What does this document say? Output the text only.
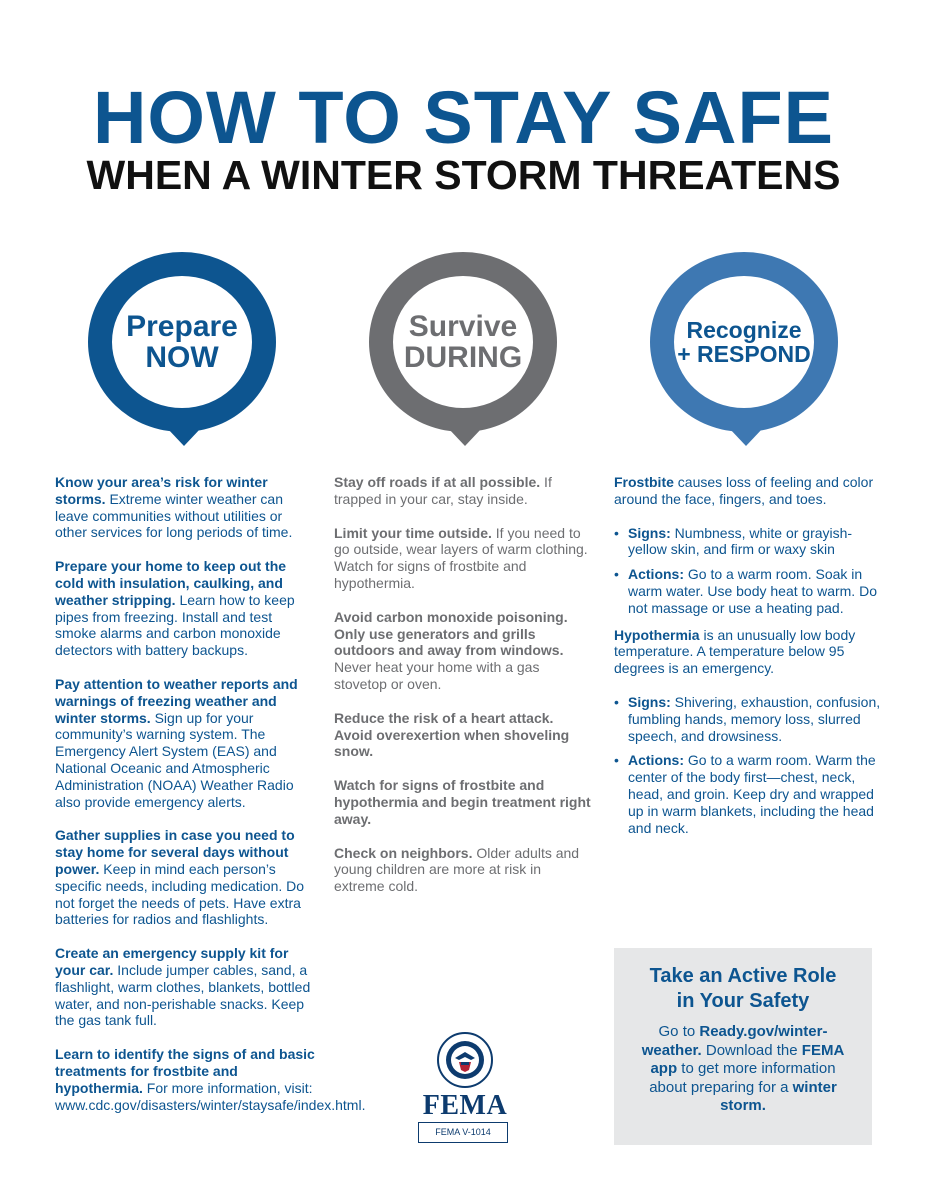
HOW TO STAY SAFE
WHEN A WINTER STORM THREATENS
Prepare
NOW
Survive
DURING
Recognize
+ RESPOND

Know your area’s risk for winter storms. Extreme winter weather can leave communities without utilities or other services for long periods of time.

Prepare your home to keep out the cold with insulation, caulking, and weather stripping. Learn how to keep pipes from freezing. Install and test smoke alarms and carbon monoxide detectors with battery backups.

Pay attention to weather reports and warnings of freezing weather and winter storms. Sign up for your community’s warning system. The Emergency Alert System (EAS) and National Oceanic and Atmospheric Administration (NOAA) Weather Radio also provide emergency alerts.

Gather supplies in case you need to stay home for several days without power. Keep in mind each person’s specific needs, including medication. Do not forget the needs of pets. Have extra batteries for radios and flashlights.

Create an emergency supply kit for your car. Include jumper cables, sand, a flashlight, warm clothes, blankets, bottled water, and non-perishable snacks. Keep the gas tank full.

Learn to identify the signs of and basic treatments for frostbite and hypothermia. For more information, visit: www.cdc.gov/disasters/winter/staysafe/index.html.

Stay off roads if at all possible. If trapped in your car, stay inside.

Limit your time outside. If you need to go outside, wear layers of warm clothing. Watch for signs of frostbite and hypothermia.

Avoid carbon monoxide poisoning. Only use generators and grills outdoors and away from windows. Never heat your home with a gas stovetop or oven.

Reduce the risk of a heart attack. Avoid overexertion when shoveling snow.

Watch for signs of frostbite and hypothermia and begin treatment right away.

Check on neighbors. Older adults and young children are more at risk in extreme cold.

Frostbite causes loss of feeling and color around the face, fingers, and toes.

• Signs: Numbness, white or grayish-yellow skin, and firm or waxy skin
• Actions: Go to a warm room. Soak in warm water. Use body heat to warm. Do not massage or use a heating pad.

Hypothermia is an unusually low body temperature. A temperature below 95 degrees is an emergency.

• Signs: Shivering, exhaustion, confusion, fumbling hands, memory loss, slurred speech, and drowsiness.
• Actions: Go to a warm room. Warm the center of the body first—chest, neck, head, and groin. Keep dry and wrapped up in warm blankets, including the head and neck.
Take an Active Role
in Your Safety
Go to Ready.gov/winter-weather. Download the FEMA app to get more information about preparing for a winter storm.
FEMA
FEMA V-1014
